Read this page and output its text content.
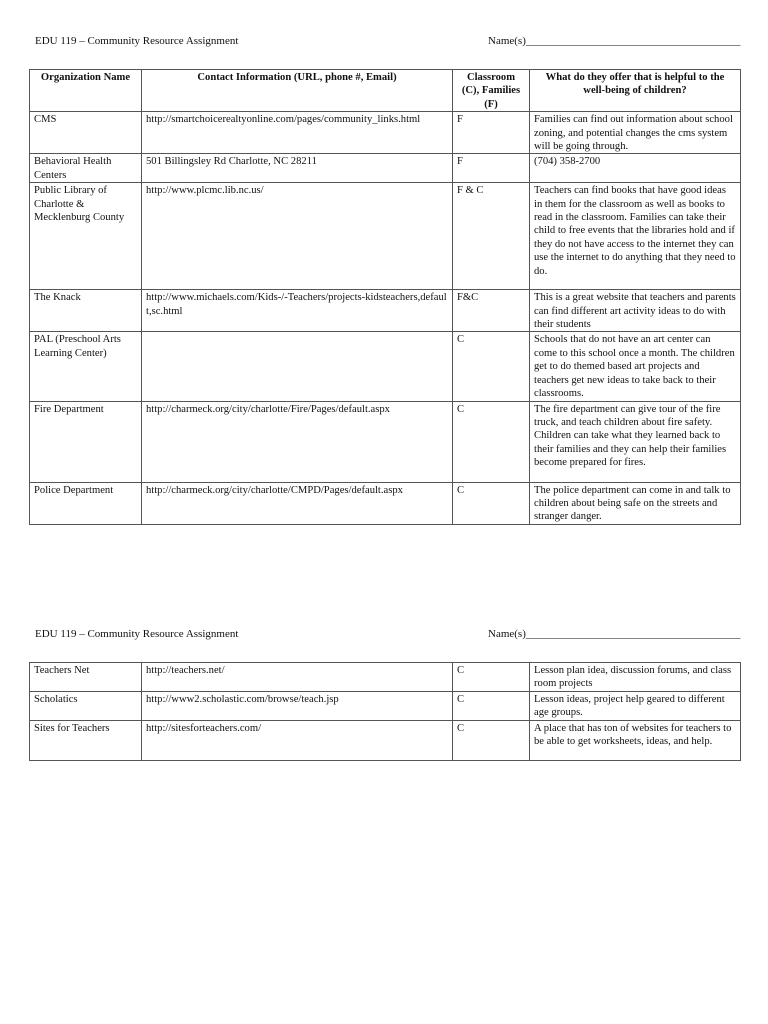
EDU 119 – Community Resource Assignment	Name(s)_______________________________________
Organization Name	Contact Information (URL, phone #, Email)	Classroom (C), Families (F)	What do they offer that is helpful to the well-being of children?
CMS	http://smartchoicerealtyonline.com/pages/community_links.html	F	Families can find out information about school zoning, and potential changes the cms system will be going through.
Behavioral Health Centers	501 Billingsley Rd Charlotte, NC 28211	F	(704) 358-2700
Public Library of Charlotte & Mecklenburg County	http://www.plcmc.lib.nc.us/	F & C	Teachers can find books that have good ideas in them for the classroom as well as books to read in the classroom. Families can take their child to free events that the libraries hold and if they do not have access to the internet they can use the internet to do anything that they need to do.
The Knack	http://www.michaels.com/Kids-/-Teachers/projects-kidsteachers,default,sc.html	F&C	This is a great website that teachers and parents can find different art activity ideas to do with their students
PAL (Preschool Arts Learning Center)		C	Schools that do not have an art center can come to this school once a month. The children get to do themed based art projects and teachers get new ideas to take back to their classrooms.
Fire Department	http://charmeck.org/city/charlotte/Fire/Pages/default.aspx	C	The fire department can give tour of the fire truck, and teach children about fire safety. Children can take what they learned back to their families and they can help their families become prepared for fires.
Police Department	http://charmeck.org/city/charlotte/CMPD/Pages/default.aspx	C	The police department can come in and talk to children about being safe on the streets and stranger danger.
EDU 119 – Community Resource Assignment	Name(s)_______________________________________
Teachers Net	http://teachers.net/	C	Lesson plan idea, discussion forums, and class room projects
Scholatics	http://www2.scholastic.com/browse/teach.jsp	C	Lesson ideas, project help geared to different age groups.
Sites for Teachers	http://sitesforteachers.com/	C	A place that has ton of websites for teachers to be able to get worksheets, ideas, and help.
